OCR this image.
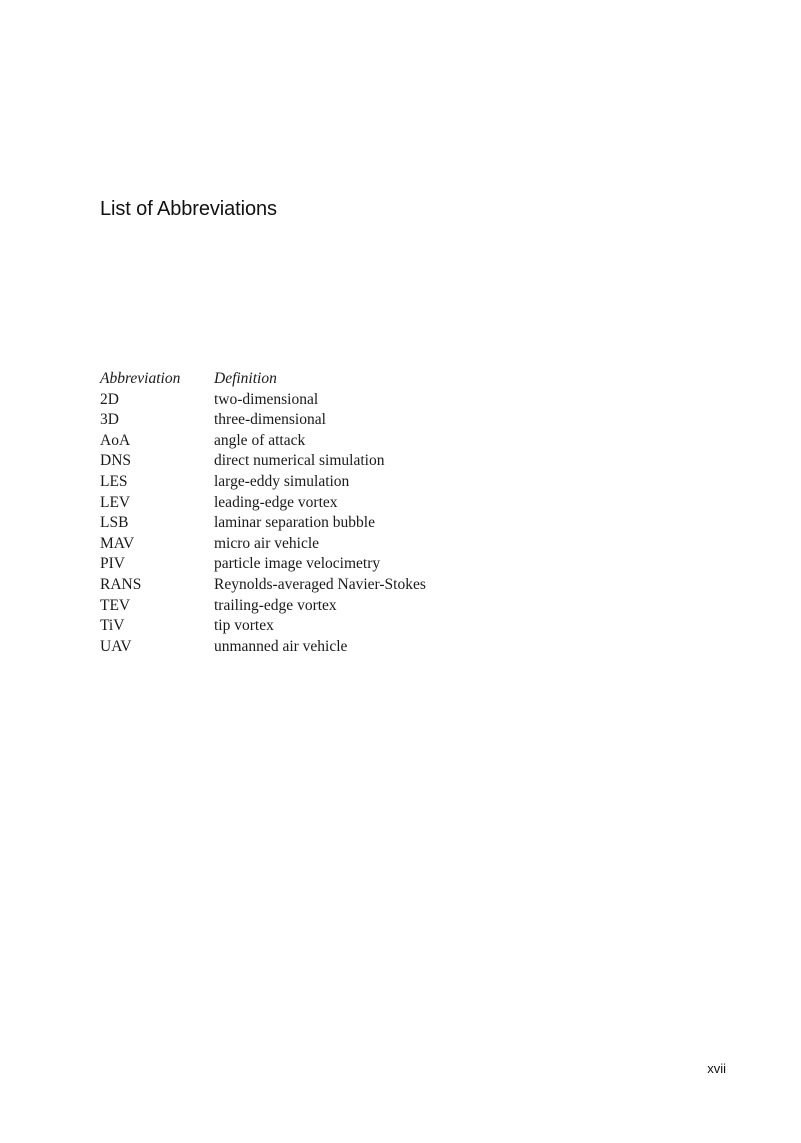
List of Abbreviations
Abbreviation	Definition
2D	two-dimensional
3D	three-dimensional
AoA	angle of attack
DNS	direct numerical simulation
LES	large-eddy simulation
LEV	leading-edge vortex
LSB	laminar separation bubble
MAV	micro air vehicle
PIV	particle image velocimetry
RANS	Reynolds-averaged Navier-Stokes
TEV	trailing-edge vortex
TiV	tip vortex
UAV	unmanned air vehicle
xvii
